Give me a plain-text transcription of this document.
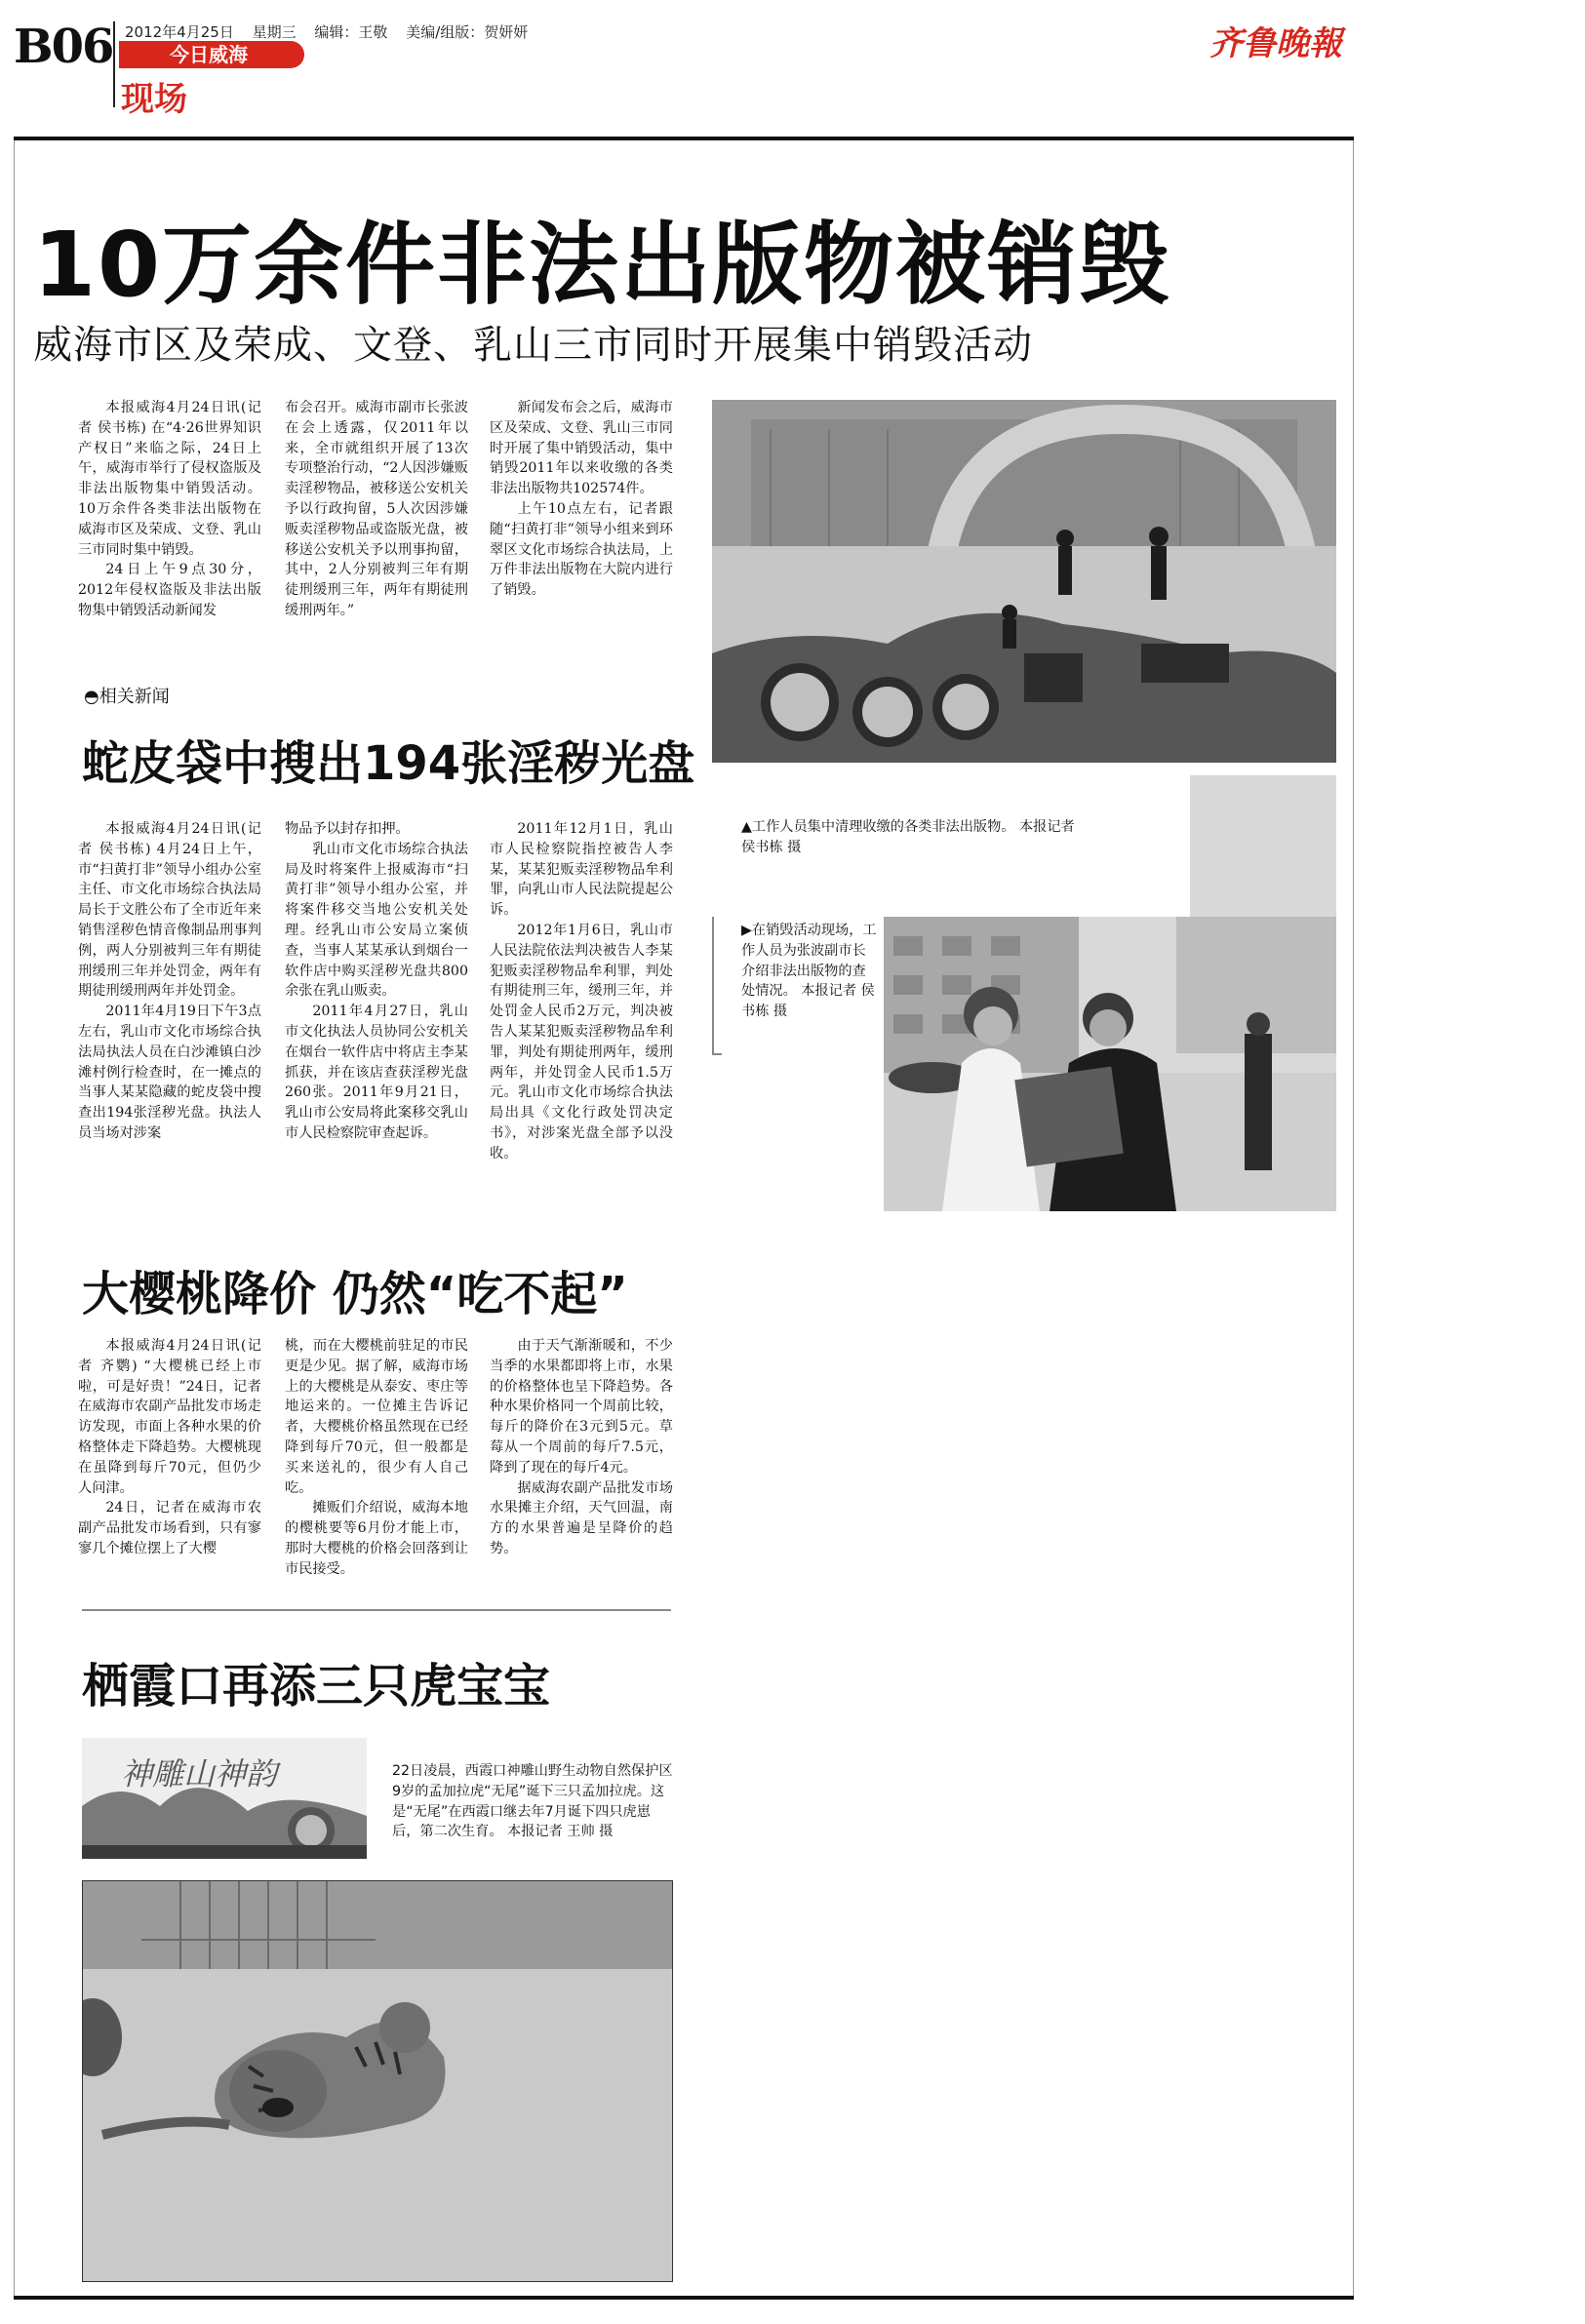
B06 2012年4月25日 星期三 编辑：王敬 美编/组版：贺妍妍
今日威海
现场
齐鲁晚報
10万余件非法出版物被销毁
威海市区及荣成、文登、乳山三市同时开展集中销毁活动

本报威海4月24日讯(记者 侯书栋) 在“4·26世界知识产权日”来临之际，24日上午，威海市举行了侵权盗版及非法出版物集中销毁活动。10万余件各类非法出版物在威海市区及荣成、文登、乳山三市同时集中销毁。

24日上午9点30分，2012年侵权盗版及非法出版物集中销毁活动新闻发

布会召开。威海市副市长张波在会上透露，仅2011年以来，全市就组织开展了13次专项整治行动，“2人因涉嫌贩卖淫秽物品，被移送公安机关予以行政拘留，5人次因涉嫌贩卖淫秽物品或盗版光盘，被移送公安机关予以刑事拘留，其中，2人分别被判三年有期徒刑缓刑三年，两年有期徒刑缓刑两年。”

新闻发布会之后，威海市区及荣成、文登、乳山三市同时开展了集中销毁活动，集中销毁2011年以来收缴的各类非法出版物共102574件。

上午10点左右，记者跟随“扫黄打非”领导小组来到环翠区文化市场综合执法局，上万件非法出版物在大院内进行了销毁。

▲工作人员集中清理收缴的各类非法出版物。 本报记者 侯书栋 摄
▶在销毁活动现场，工作人员为张波副市长介绍非法出版物的查处情况。 本报记者 侯书栋 摄
◓相关新闻
蛇皮袋中搜出194张淫秽光盘

本报威海4月24日讯(记者 侯书栋) 4月24日上午，市“扫黄打非”领导小组办公室主任、市文化市场综合执法局局长于文胜公布了全市近年来销售淫秽色情音像制品刑事判例，两人分别被判三年有期徒刑缓刑三年并处罚金，两年有期徒刑缓刑两年并处罚金。

2011年4月19日下午3点左右，乳山市文化市场综合执法局执法人员在白沙滩镇白沙滩村例行检查时，在一摊点的当事人某某隐藏的蛇皮袋中搜查出194张淫秽光盘。执法人员当场对涉案

物品予以封存扣押。

乳山市文化市场综合执法局及时将案件上报威海市“扫黄打非”领导小组办公室，并将案件移交当地公安机关处理。经乳山市公安局立案侦查，当事人某某承认到烟台一软件店中购买淫秽光盘共800余张在乳山贩卖。

2011年4月27日，乳山市文化执法人员协同公安机关在烟台一软件店中将店主李某抓获，并在该店查获淫秽光盘260张。2011年9月21日，乳山市公安局将此案移交乳山市人民检察院审查起诉。

2011年12月1日，乳山市人民检察院指控被告人李某，某某犯贩卖淫秽物品牟利罪，向乳山市人民法院提起公诉。

2012年1月6日，乳山市人民法院依法判决被告人李某犯贩卖淫秽物品牟利罪，判处有期徒刑三年，缓刑三年，并处罚金人民币2万元，判决被告人某某犯贩卖淫秽物品牟利罪，判处有期徒刑两年，缓刑两年，并处罚金人民币1.5万元。乳山市文化市场综合执法局出具《文化行政处罚决定书》，对涉案光盘全部予以没收。

大樱桃降价 仍然“吃不起”

本报威海4月24日讯(记者 齐鹦) “大樱桃已经上市啦，可是好贵！”24日，记者在威海市农副产品批发市场走访发现，市面上各种水果的价格整体走下降趋势。大樱桃现在虽降到每斤70元，但仍少人问津。

24日，记者在威海市农副产品批发市场看到，只有寥寥几个摊位摆上了大樱

桃，而在大樱桃前驻足的市民更是少见。据了解，威海市场上的大樱桃是从泰安、枣庄等地运来的。一位摊主告诉记者，大樱桃价格虽然现在已经降到每斤70元，但一般都是买来送礼的，很少有人自己吃。

摊贩们介绍说，威海本地的樱桃要等6月份才能上市，那时大樱桃的价格会回落到让市民接受。

由于天气渐渐暖和，不少当季的水果都即将上市，水果的价格整体也呈下降趋势。各种水果价格同一个周前比较，每斤的降价在3元到5元。草莓从一个周前的每斤7.5元，降到了现在的每斤4元。

据威海农副产品批发市场水果摊主介绍，天气回温，南方的水果普遍是呈降价的趋势。

栖霞口再添三只虎宝宝
神雕山神韵	22日凌晨，西霞口神雕山野生动物自然保护区9岁的孟加拉虎“无尾”诞下三只孟加拉虎。这是“无尾”在西霞口继去年7月诞下四只虎崽后，第二次生育。 本报记者 王帅 摄
